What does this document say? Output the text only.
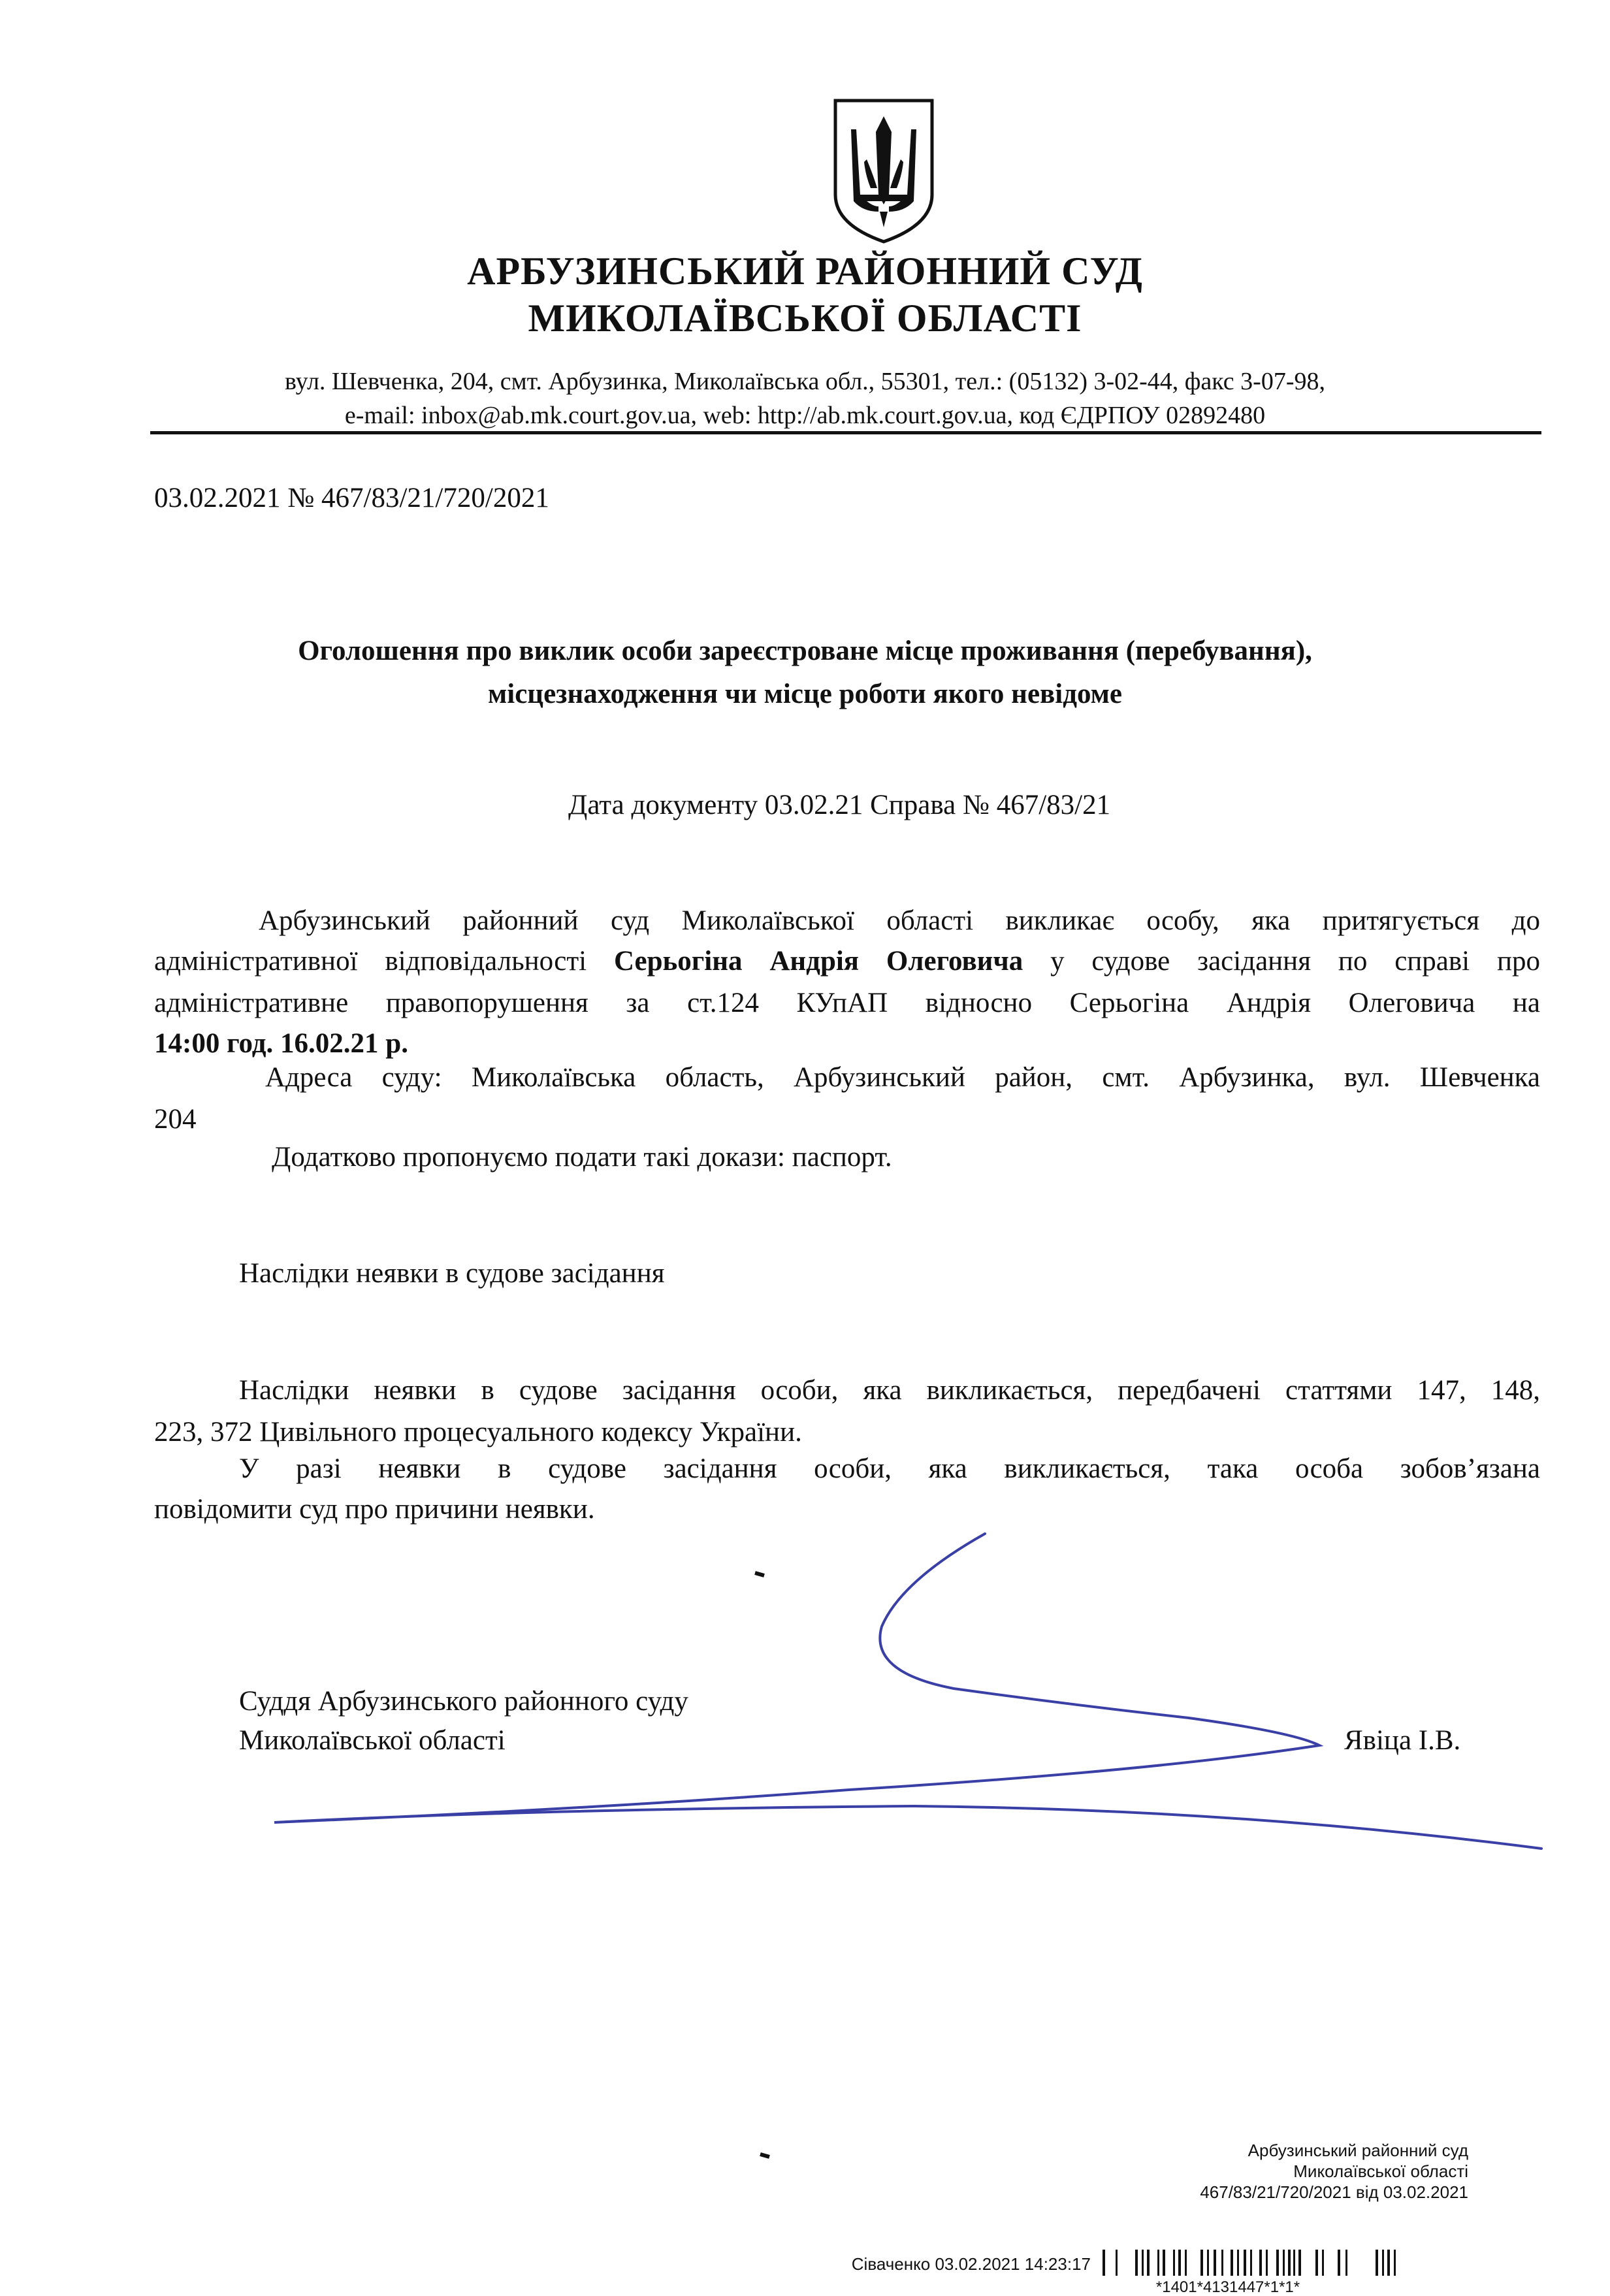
АРБУЗИНСЬКИЙ РАЙОННИЙ СУД
МИКОЛАЇВСЬКОЇ ОБЛАСТІ
вул. Шевченка, 204, смт. Арбузинка, Миколаївська обл., 55301, тел.: (05132) 3-02-44, факс 3-07-98,
e-mail: inbox@ab.mk.court.gov.ua, web: http://ab.mk.court.gov.ua, код ЄДРПОУ 02892480
03.02.2021 № 467/83/21/720/2021
Оголошення про виклик особи зареєстроване місце проживання (перебування),
місцезнаходження чи місце роботи якого невідоме
Дата документу 03.02.21 Справа № 467/83/21
Арбузинський районний суд Миколаївської області викликає особу, яка притягується до
адміністративної відповідальності Серьогіна Андрія Олеговича у судове засідання по справі про
адміністративне правопорушення за ст.124 КУпАП відносно Серьогіна Андрія Олеговича на
14:00 год. 16.02.21 р.
Адреса суду: Миколаївська область, Арбузинський район, смт. Арбузинка, вул. Шевченка
204
Додатково пропонуємо подати такі докази: паспорт.
Наслідки неявки в судове засідання
Наслідки неявки в судове засідання особи, яка викликається, передбачені статтями 147, 148,
223, 372 Цивільного процесуального кодексу України.
У разі неявки в судове засідання особи, яка викликається, така особа зобов’язана
повідомити суд про причини неявки.
Суддя Арбузинського районного суду
Миколаївської області	Явіца І.В.
Арбузинський районний суд
Миколаївської області
467/83/21/720/2021 від 03.02.2021
Сіваченко 03.02.2021 14:23:17
*1401*4131447*1*1*
